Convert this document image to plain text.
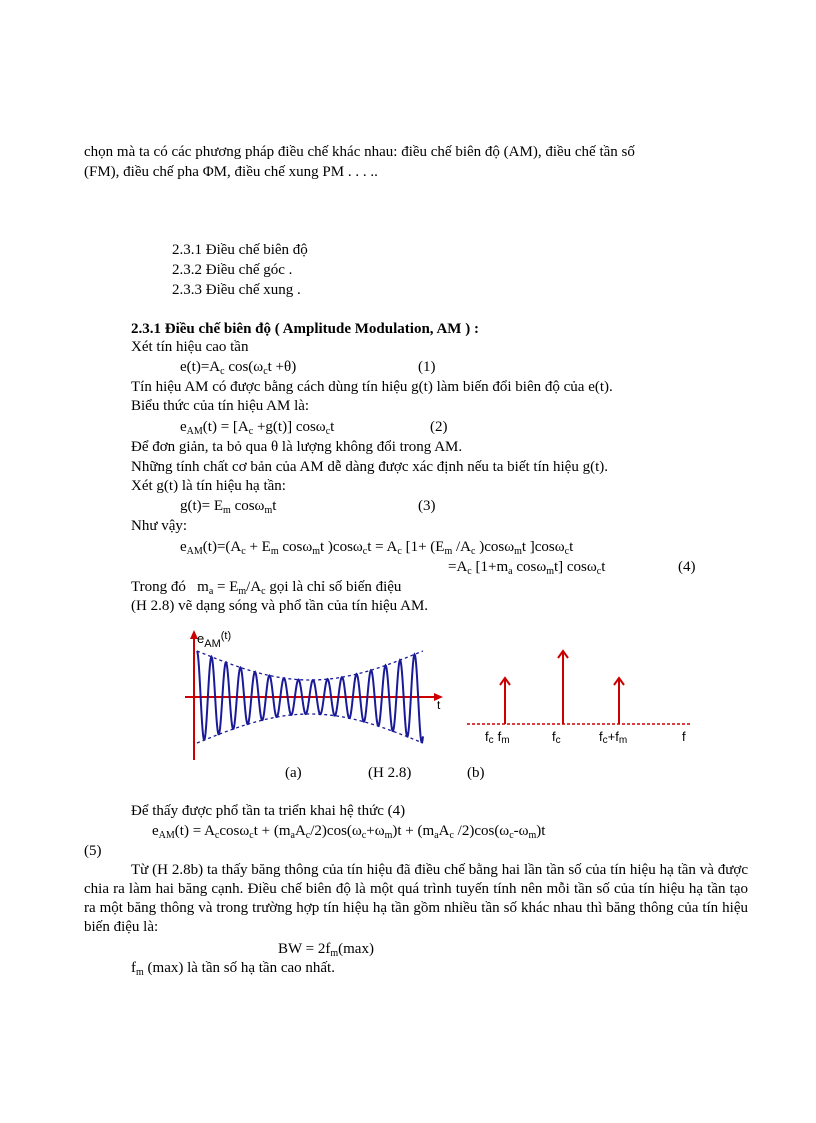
chọn mà ta có các phương pháp điều chế khác nhau: điều chế biên độ (AM), điều chế tần số
(FM), điều chế pha ΦM, điều chế xung PM . . . ..
2.3.1 Điều chế biên độ
2.3.2 Điều chế góc .
2.3.3 Điều chế xung .
2.3.1 Điều chế biên độ ( Amplitude Modulation, AM ) :
Xét tín hiệu cao tần
$e(t)=A_c$ $\cos(\omega_ct +\theta)$	(1)
Tín hiệu AM có được bằng cách dùng tín hiệu g(t) làm biến đổi biên độ của e(t).
Biểu thức của tín hiệu AM là:
$e_{AM}(t) = [A_c +g(t)]$ cosω$_c$t	(2)
Để đơn giản, ta bỏ qua θ là lượng không đổi trong AM.
Những tính chất cơ bản của AM dễ dàng được xác định nếu ta biết tín hiệu g(t).
Xét g(t) là tín hiệu hạ tần:
$g(t)= E_m$ cosω$_m$t	(3)
Như vậy:
$e_{AM}(t)=(A_c + E_m$ cosω$_m$t )$\cos\omega_ct = A_c$ [$1+ (E_m$ $/A_c$ )cosω$_m$t ]cosω$_c$t
$=A_c$ [$1+m_a$ cosω$_m$t] cosω$_c$t	(4)
Trong đó   $m_a = E_m/A_c$ gọi là chỉ số biến điệu
(H 2.8) vẽ dạng sóng và phổ tần của tín hiệu AM.
$e_{AM}^{(t)}$
t
fc fm	fc	fc+fm	f
(a)	(H 2.8)	(b)
Để thấy được phổ tần ta triển khai hệ thức (4)
$e_{AM}(t) = A_c\cos\omega_ct + (m_aA_c/2)\cos(\omega_c+\omega_m)t + (m_aA_c$ $/2)\cos(\omega_c-\omega_m)t$
(5)
Từ (H 2.8b) ta thấy băng thông của tín hiệu đã điều chế bằng hai lần tần số của tín hiệu hạ tần và được chia ra làm hai băng cạnh. Điều chế biên độ là một quá trình tuyến tính nên mỗi tần số của tín hiệu hạ tần tạo ra một băng thông và trong trường hợp tín hiệu hạ tần gồm nhiều tần số khác nhau thì băng thông của tín hiệu biến điệu là:
BW = $2f_m(\max)$
$f_m$ (max) là tần số hạ tần cao nhất.
